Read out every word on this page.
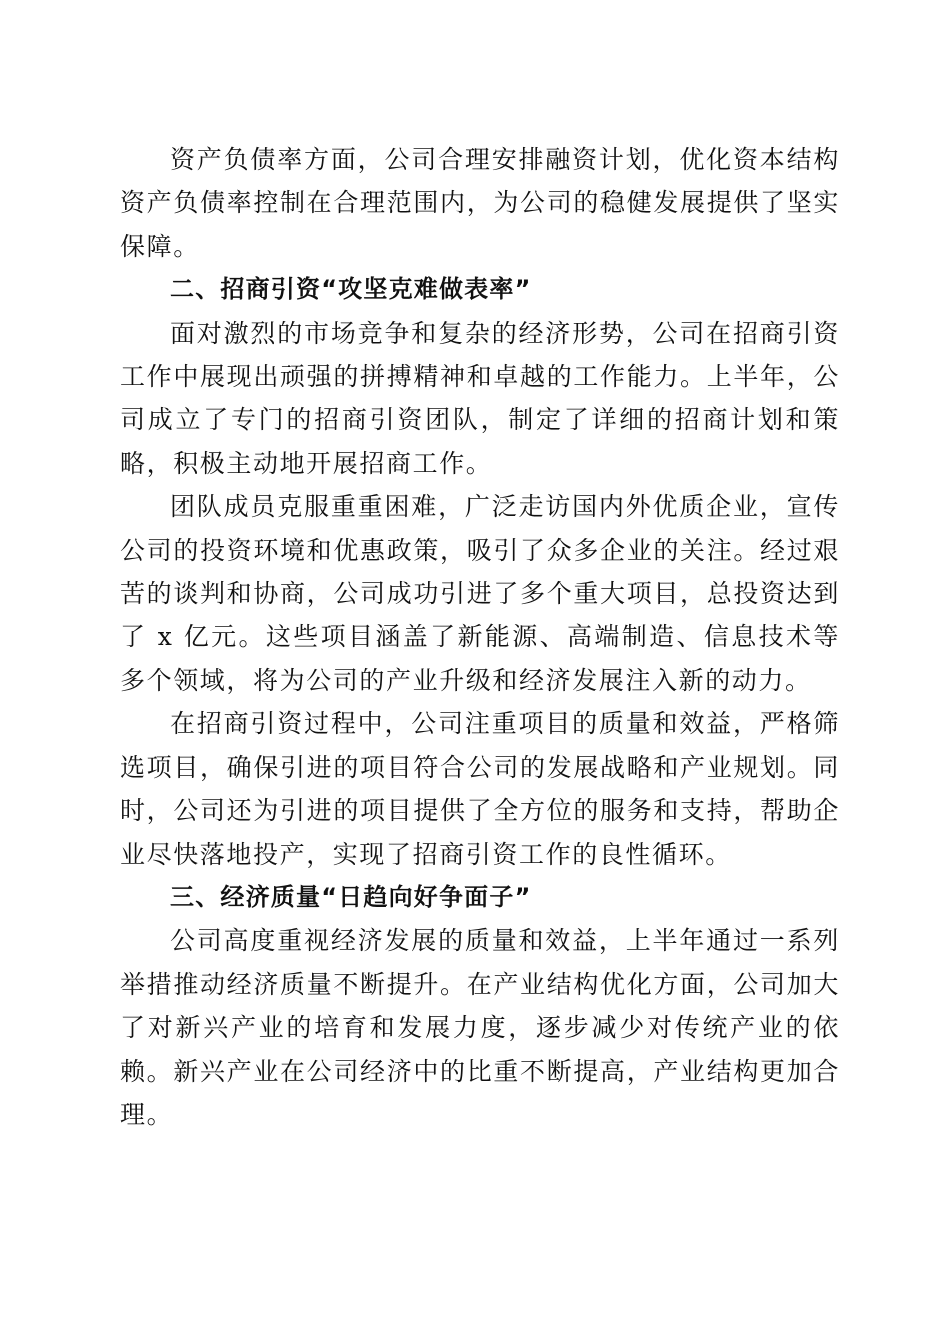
资产负债率方面，公司合理安排融资计划，优化资本结构资产负债率控制在合理范围内，为公司的稳健发展提供了坚实保障。

二、招商引资“攻坚克难做表率”

面对激烈的市场竞争和复杂的经济形势，公司在招商引资工作中展现出顽强的拼搏精神和卓越的工作能力。上半年，公司成立了专门的招商引资团队，制定了详细的招商计划和策略，积极主动地开展招商工作。

团队成员克服重重困难，广泛走访国内外优质企业，宣传公司的投资环境和优惠政策，吸引了众多企业的关注。经过艰苦的谈判和协商，公司成功引进了多个重大项目，总投资达到了 x 亿元。这些项目涵盖了新能源、高端制造、信息技术等多个领域，将为公司的产业升级和经济发展注入新的动力。

在招商引资过程中，公司注重项目的质量和效益，严格筛选项目，确保引进的项目符合公司的发展战略和产业规划。同时，公司还为引进的项目提供了全方位的服务和支持，帮助企业尽快落地投产，实现了招商引资工作的良性循环。

三、经济质量“日趋向好争面子”

公司高度重视经济发展的质量和效益，上半年通过一系列举措推动经济质量不断提升。在产业结构优化方面，公司加大了对新兴产业的培育和发展力度，逐步减少对传统产业的依赖。新兴产业在公司经济中的比重不断提高，产业结构更加合理。
